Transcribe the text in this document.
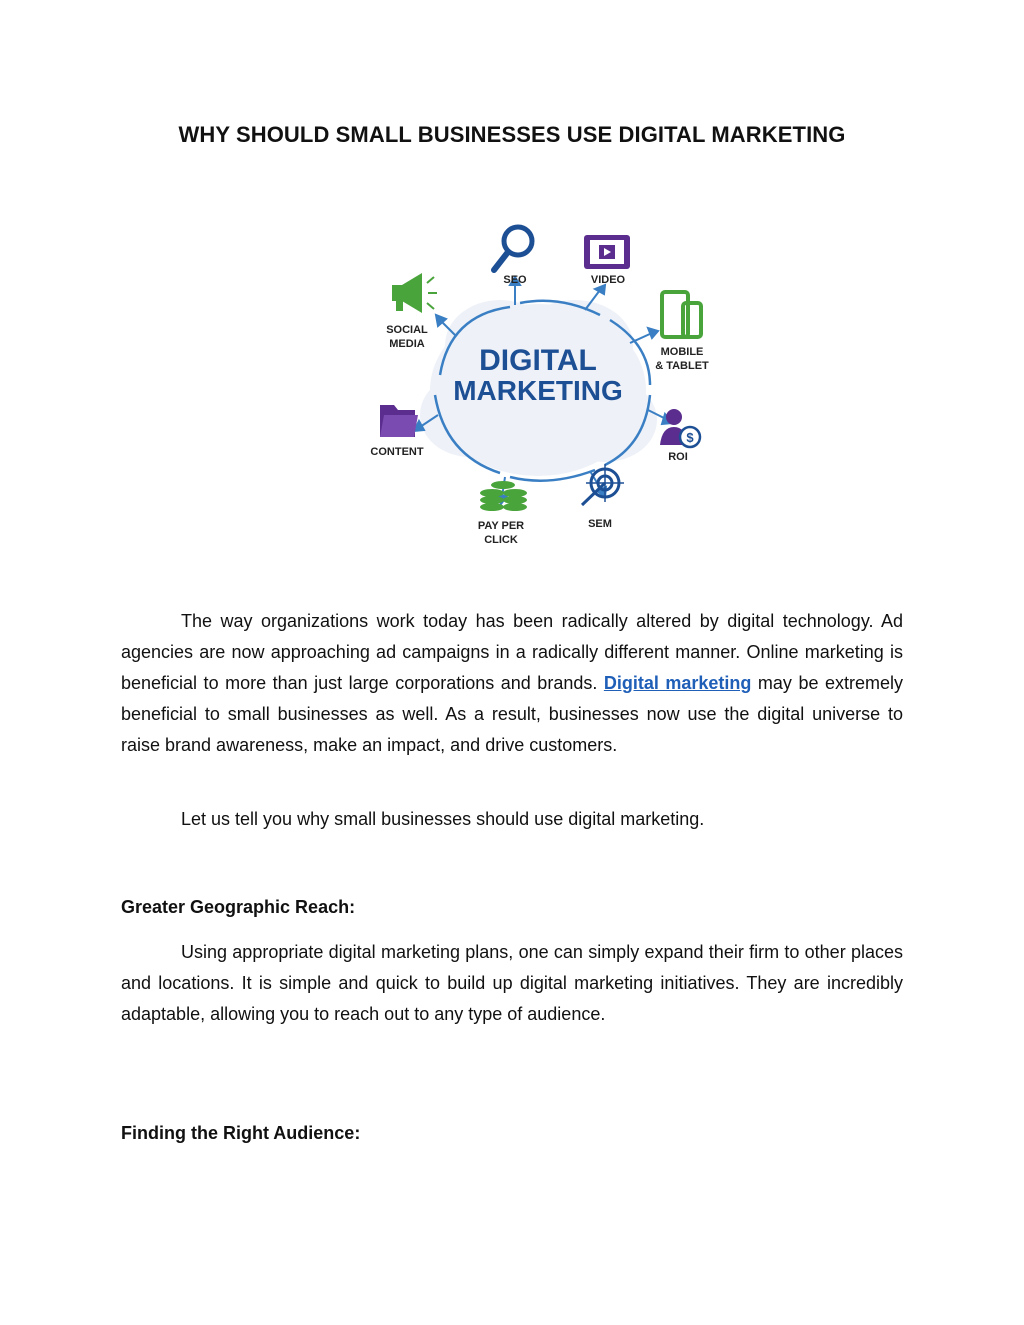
WHY SHOULD SMALL BUSINESSES USE DIGITAL MARKETING
DIGITAL
MARKETING
SEO	VIDEO
MOBILE
& TABLET
$
ROI
SEM
PAY PER
CLICK
CONTENT
SOCIAL
MEDIA

The way organizations work today has been radically altered by digital technology. Ad agencies are now approaching ad campaigns in a radically different manner. Online marketing is beneficial to more than just large corporations and brands. Digital marketing may be extremely beneficial to small businesses as well. As a result, businesses now use the digital universe to raise brand awareness, make an impact, and drive customers.

Let us tell you why small businesses should use digital marketing.

Greater Geographic Reach:

Using appropriate digital marketing plans, one can simply expand their firm to other places and locations. It is simple and quick to build up digital marketing initiatives. They are incredibly adaptable, allowing you to reach out to any type of audience.

Finding the Right Audience:
